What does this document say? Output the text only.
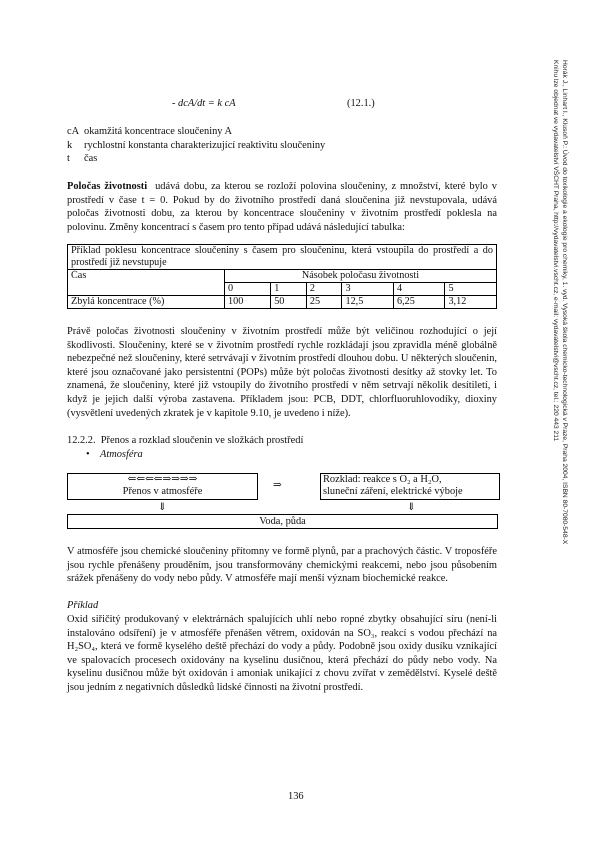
- dcA/dt = k cA	(12.1.)
cA okamžitá koncentrace sloučeniny A
k rychlostní konstanta charakterizující reaktivitu sloučeniny
t čas
Poločas životnosti udává dobu, za kterou se rozloží polovina sloučeniny, z množství, které bylo v prostředí v čase t = 0. Pokud by do životního prostředí daná sloučenina již nevstupovala, udává poločas životnosti dobu, za kterou by koncentrace sloučeniny v životním prostředí poklesla na polovinu. Změny koncentrací s časem pro tento případ udává následující tabulka:
Příklad poklesu koncentrace sloučeniny s časem pro sloučeninu, která vstoupila do prostředí a do prostředí již nevstupuje						
Čas	Násobek poločasu životnosti					
	0	1	2	3	4	5
Zbylá koncentrace (%)	100	50	25	12,5	6,25	3,12
Právě poločas životnosti sloučeniny v životním prostředí může být veličinou rozhodující o její škodlivosti. Sloučeniny, které se v životním prostředí rychle rozkládají jsou zpravidla méně globálně nebezpečné než sloučeniny, které setrvávají v životním prostředí dlouhou dobu. U některých sloučenin, které jsou označované jako persistentní (POPs) může být poločas životnosti desítky až stovky let. To znamená, že sloučeniny, které již vstoupily do životního prostředí v něm setrvají několik desítiletí, i když je jejich další výroba zastavena. Příkladem jsou: PCB, DDT, chlorfluoruhlovodíky, dioxiny (vysvětlení uvedených zkratek je v kapitole 9.10, je uvedeno i níže).
12.2.2. Přenos a rozklad sloučenin ve složkách prostředí
• Atmosféra
⇐⇐⇐⇐⇒⇒⇒⇒
Přenos v atmosféře
⇒
Rozklad: reakce s O₂ a H₂O,
sluneční záření, elektrické výboje
⇓	⇓
Voda, půda
V atmosféře jsou chemické sloučeniny přítomny ve formě plynů, par a prachových částic. V troposféře jsou rychle přenášeny prouděním, jsou transformovány chemickými reakcemi, nebo jsou působením srážek přenášeny do vody nebo půdy. V atmosféře mají menší význam biochemické reakce.
Příklad
Oxid siřičitý produkovaný v elektrárnách spalujících uhlí nebo ropné zbytky obsahující síru (není-li instalováno odsíření) je v atmosféře přenášen větrem, oxidován na SO₃, reakcí s vodou přechází na H₂SO₄, která ve formě kyselého deště přechází do vody a půdy. Podobně jsou oxidy dusíku vznikající ve spalovacích procesech oxidovány na kyselinu dusičnou, která přechází do půdy nebo vody. Na kyselinu dusičnou může být oxidován i amoniak unikající z chovu zvířat v zemědělství. Kyselé deště jsou jedním z negativních důsledků lidské činnosti na životní prostředí.
136
Horák J., Linhart I., Klusoň P.: Úvod do toxikologie a ekologie pro chemiky, 1. vyd. Vysoká škola chemicko-technologická v Praze, Praha 2004, ISBN 80-7080-548-X
Knihu lze objednat ve vydavatelství VŠCHT Praha, http://vydavatelstvi.vscht.cz, e-mail: vydavatelstvi@vscht.cz, tel.: 220 443 211
